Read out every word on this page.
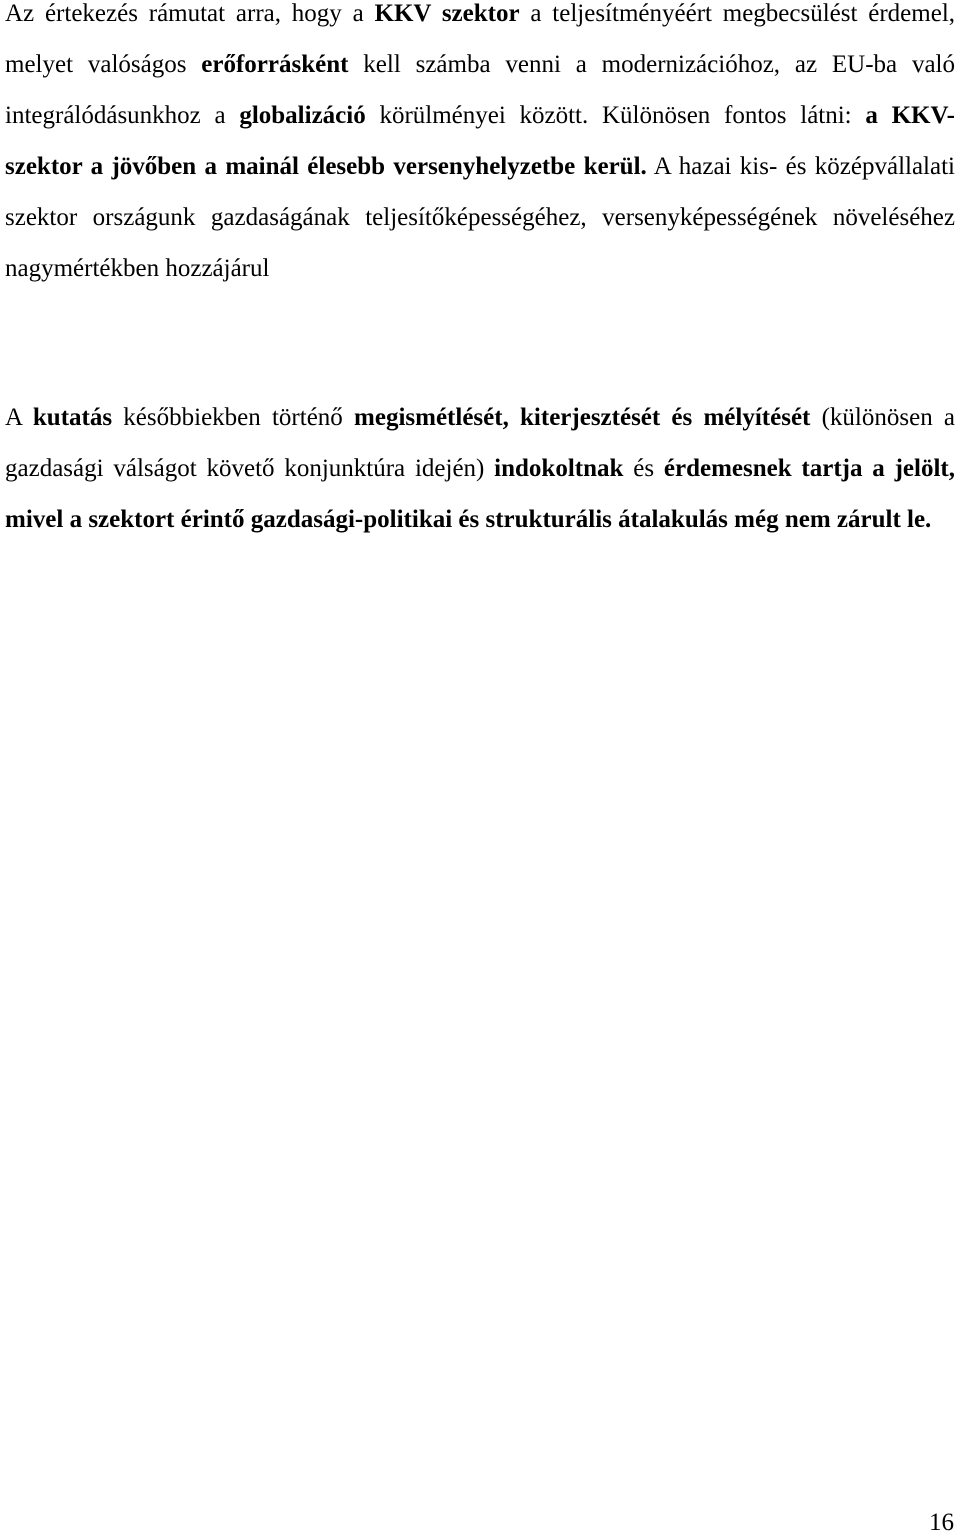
Az értekezés rámutat arra, hogy a KKV szektor a teljesítményéért megbecsülést érdemel, melyet valóságos erőforrásként kell számba venni a modernizációhoz, az EU-ba való integrálódásunkhoz a globalizáció körülményei között. Különösen fontos látni: a KKV-szektor a jövőben a mainál élesebb versenyhelyzetbe kerül. A hazai kis- és középvállalati szektor országunk gazdaságának teljesítőképességéhez, versenyképességének növeléséhez nagymértékben hozzájárul

A kutatás későbbiekben történő megismétlését, kiterjesztését és mélyítését (különösen a gazdasági válságot követő konjunktúra idején) indokoltnak és érdemesnek tartja a jelölt, mivel a szektort érintő gazdasági-politikai és strukturális átalakulás még nem zárult le.

16
